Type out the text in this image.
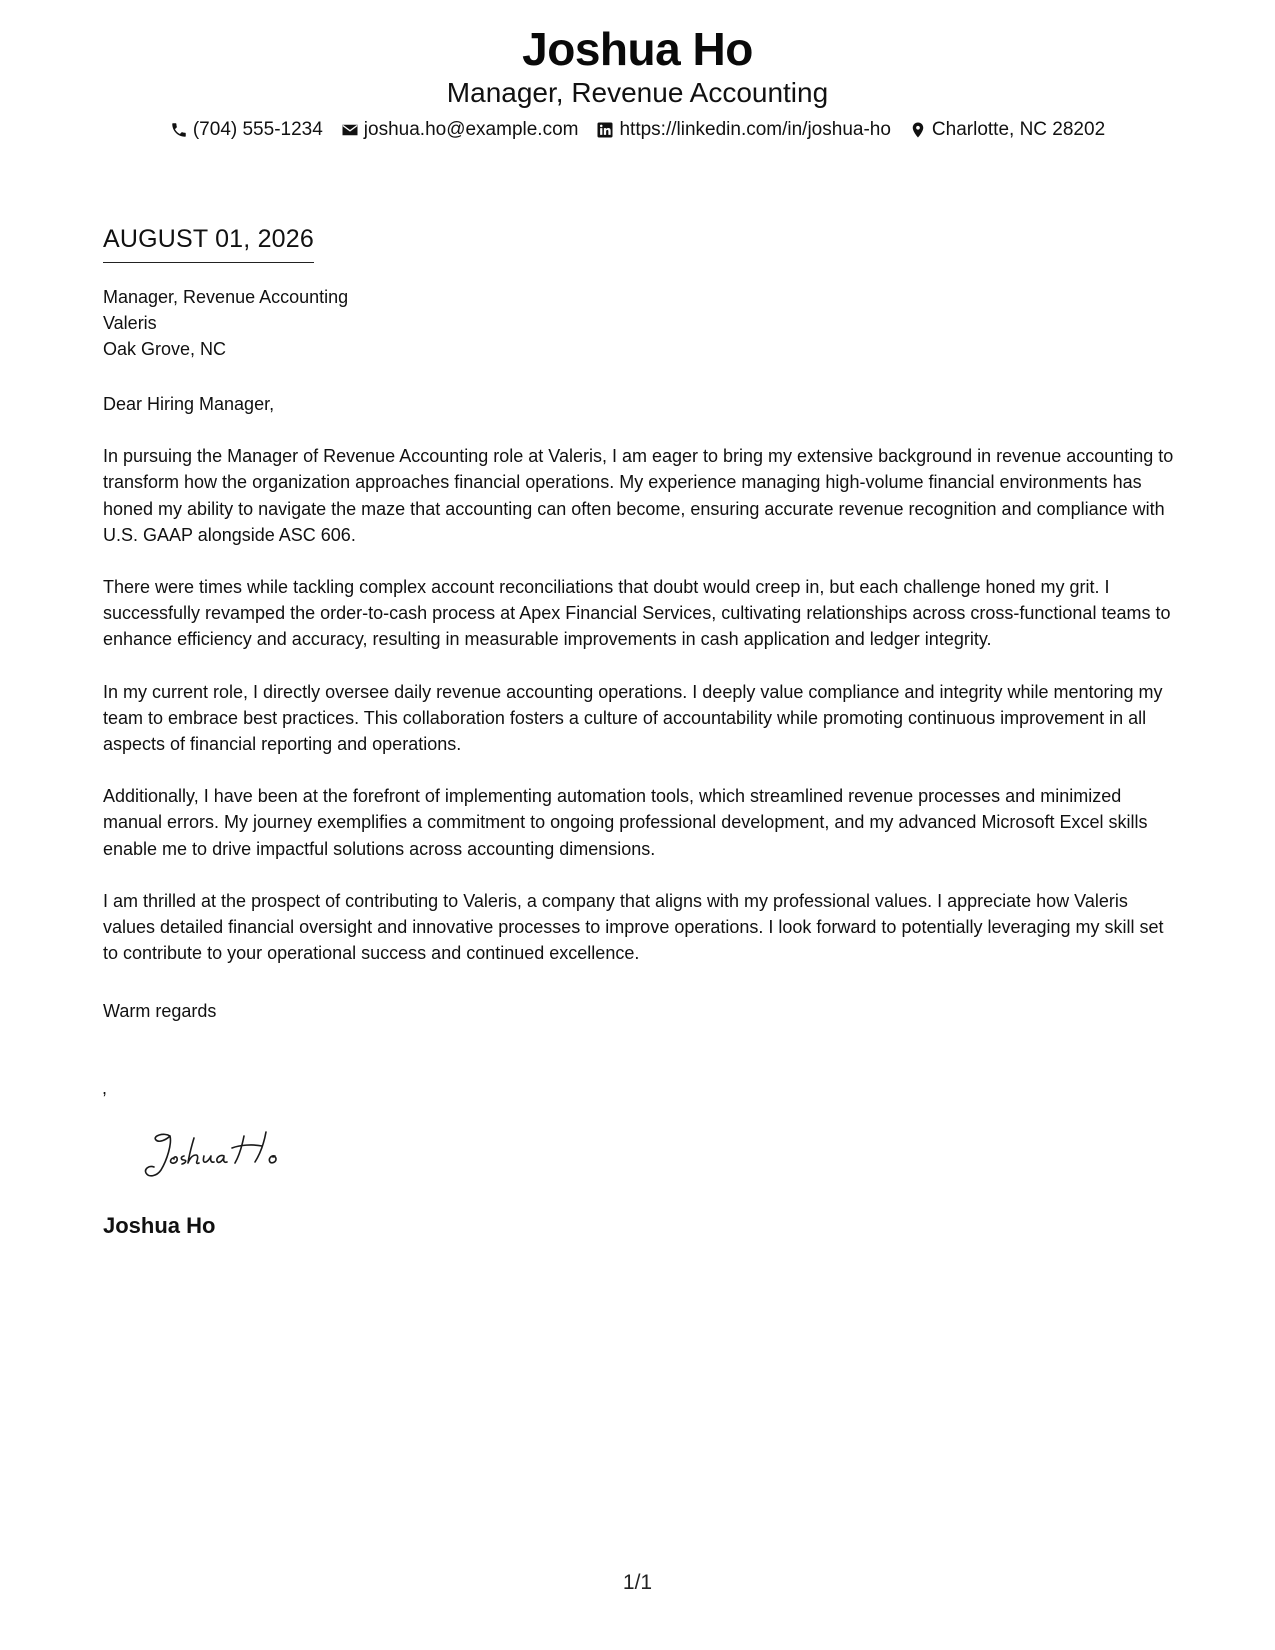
Joshua Ho
Manager, Revenue Accounting
(704) 555-1234 joshua.ho@example.com https://linkedin.com/in/joshua-ho Charlotte, NC 28202
AUGUST 01, 2026
Manager, Revenue Accounting
Valeris
Oak Grove, NC

Dear Hiring Manager,

In pursuing the Manager of Revenue Accounting role at Valeris, I am eager to bring my extensive background in revenue accounting to transform how the organization approaches financial operations. My experience managing high-volume financial environments has honed my ability to navigate the maze that accounting can often become, ensuring accurate revenue recognition and compliance with U.S. GAAP alongside ASC 606.

There were times while tackling complex account reconciliations that doubt would creep in, but each challenge honed my grit. I successfully revamped the order-to-cash process at Apex Financial Services, cultivating relationships across cross-functional teams to enhance efficiency and accuracy, resulting in measurable improvements in cash application and ledger integrity.

In my current role, I directly oversee daily revenue accounting operations. I deeply value compliance and integrity while mentoring my team to embrace best practices. This collaboration fosters a culture of accountability while promoting continuous improvement in all aspects of financial reporting and operations.

Additionally, I have been at the forefront of implementing automation tools, which streamlined revenue processes and minimized manual errors. My journey exemplifies a commitment to ongoing professional development, and my advanced Microsoft Excel skills enable me to drive impactful solutions across accounting dimensions.

I am thrilled at the prospect of contributing to Valeris, a company that aligns with my professional values. I appreciate how Valeris values detailed financial oversight and innovative processes to improve operations. I look forward to potentially leveraging my skill set to contribute to your operational success and continued excellence.

Warm regards
,
Joshua Ho
1/1
